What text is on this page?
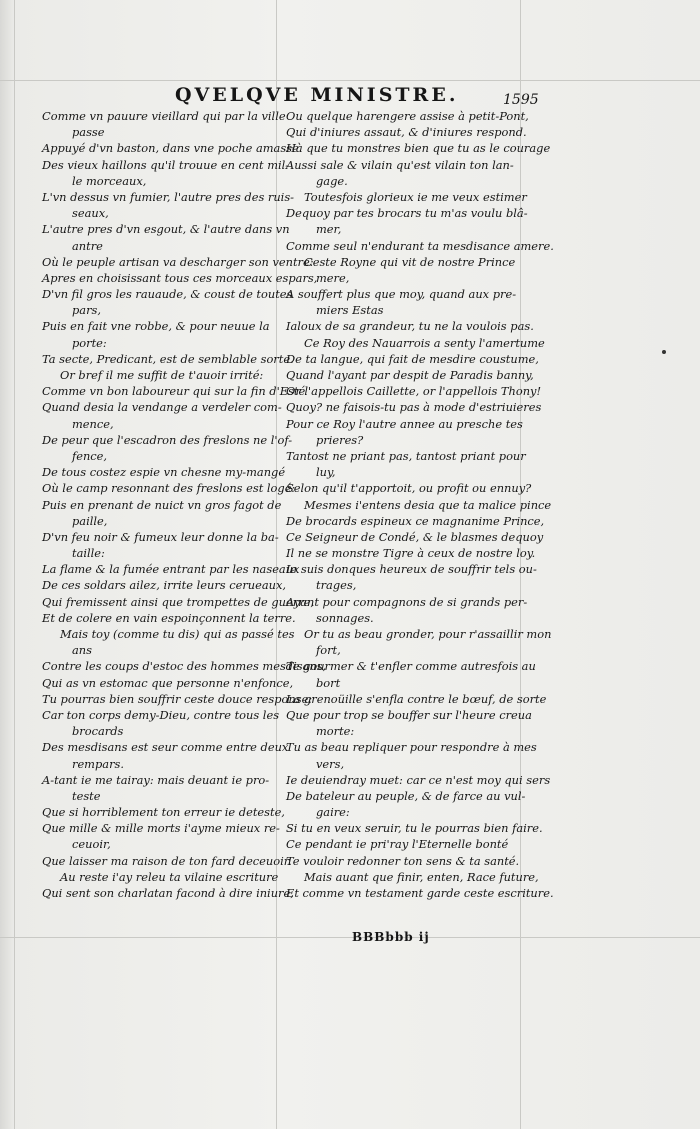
QVELQVE MINISTRE.	1595
Comme vn pauure vieillard qui par la ville
passe
Appuyé d'vn baston, dans vne poche amasse
Des vieux haillons qu'il trouue en cent mil-
le morceaux,
L'vn dessus vn fumier, l'autre pres des ruis-
seaux,
L'autre pres d'vn esgout, & l'autre dans vn
antre
Où le peuple artisan va descharger son ventre:
Apres en choisissant tous ces morceaux espars,
D'vn fil gros les rauaude, & coust de toutes
pars,
Puis en fait vne robbe, & pour neuue la
porte:
Ta secte, Predicant, est de semblable sorte.
Or bref il me suffit de t'auoir irrité:
Comme vn bon laboureur qui sur la fin d'Esté
Quand desia la vendange a verdeler com-
mence,
De peur que l'escadron des freslons ne l'of-
fence,
De tous costez espie vn chesne my-mangé
Où le camp resonnant des freslons est logé:
Puis en prenant de nuict vn gros fagot de
paille,
D'vn feu noir & fumeux leur donne la ba-
taille:
La flame & la fumée entrant par les naseaux
De ces soldars ailez, irrite leurs cerueaux,
Qui fremissent ainsi que trompettes de guerre,
Et de colere en vain espoinçonnent la terre.
Mais toy (comme tu dis) qui as passé tes
ans
Contre les coups d'estoc des hommes mesdisans,
Qui as vn estomac que personne n'enfonce,
Tu pourras bien souffrir ceste douce response:
Car ton corps demy-Dieu, contre tous les
brocards
Des mesdisans est seur comme entre deux
rempars.
A-tant ie me tairay: mais deuant ie pro-
teste
Que si horriblement ton erreur ie deteste,
Que mille & mille morts i'ayme mieux re-
ceuoir,
Que laisser ma raison de ton fard deceuoir.
Au reste i'ay releu ta vilaine escriture
Qui sent son charlatan facond à dire iniure,
Ou quelque harengere assise à petit-Pont,
Qui d'iniures assaut, & d'iniures respond.
Hà que tu monstres bien que tu as le courage
Aussi sale & vilain qu'est vilain ton lan-
gage.
Toutesfois glorieux ie me veux estimer
Dequoy par tes brocars tu m'as voulu blâ-
mer,
Comme seul n'endurant ta mesdisance amere.
Ceste Royne qui vit de nostre Prince
mere,
A souffert plus que moy, quand aux pre-
miers Estas
Ialoux de sa grandeur, tu ne la voulois pas.
Ce Roy des Nauarrois a senty l'amertume
De ta langue, qui fait de mesdire coustume,
Quand l'ayant par despit de Paradis banny,
Or l'appellois Caillette, or l'appellois Thony!
Quoy? ne faisois-tu pas à mode d'estriuieres
Pour ce Roy l'autre annee au presche tes
prieres?
Tantost ne priant pas, tantost priant pour
luy,
Selon qu'il t'apportoit, ou profit ou ennuy?
Mesmes i'entens desia que ta malice pince
De brocards espineux ce magnanime Prince,
Ce Seigneur de Condé, & le blasmes dequoy
Il ne se monstre Tigre à ceux de nostre loy.
Ie suis donques heureux de souffrir tels ou-
trages,
Ayant pour compagnons de si grands per-
sonnages.
Or tu as beau gronder, pour r'assaillir mon
fort,
Te gourmer & t'enfler comme autresfois au
bort
La grenoüille s'enfla contre le bœuf, de sorte
Que pour trop se bouffer sur l'heure creua
morte:
Tu as beau repliquer pour respondre à mes
vers,
Ie deuiendray muet: car ce n'est moy qui sers
De bateleur au peuple, & de farce au vul-
gaire:
Si tu en veux seruir, tu le pourras bien faire.
Ce pendant ie pri'ray l'Eternelle bonté
Te vouloir redonner ton sens & ta santé.
Mais auant que finir, enten, Race future,
Et comme vn testament garde ceste escriture.
BBBbbb ij
